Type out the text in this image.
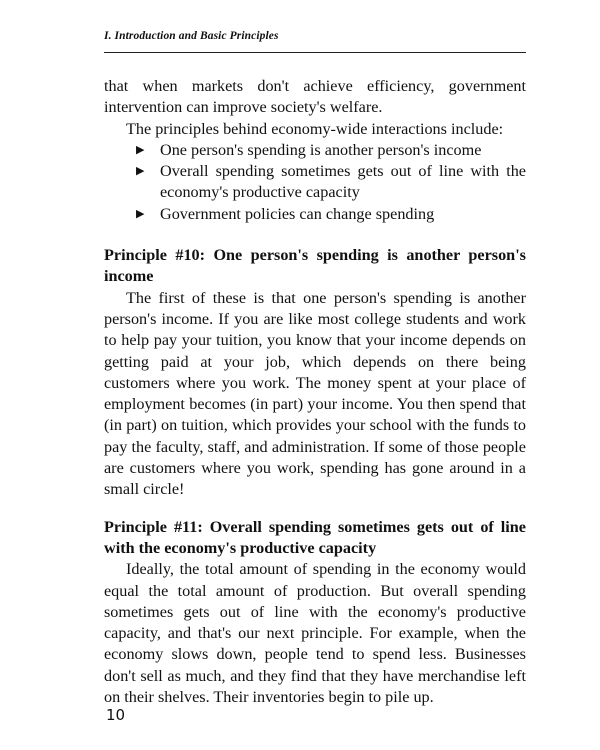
I. Introduction and Basic Principles

that when markets don't achieve efficiency, government intervention can improve society's welfare.

The principles behind economy-wide interactions include:

▶ One person's spending is another person's income
▶ Overall spending sometimes gets out of line with the economy's productive capacity
▶ Government policies can change spending

Principle #10: One person's spending is another person's income

The first of these is that one person's spending is another person's income. If you are like most college students and work to help pay your tuition, you know that your income depends on getting paid at your job, which depends on there being customers where you work. The money spent at your place of employment becomes (in part) your income. You then spend that (in part) on tuition, which provides your school with the funds to pay the faculty, staff, and administration. If some of those people are customers where you work, spending has gone around in a small circle!

Principle #11: Overall spending sometimes gets out of line with the economy's productive capacity

Ideally, the total amount of spending in the economy would equal the total amount of production. But overall spending sometimes gets out of line with the economy's productive capacity, and that's our next principle. For example, when the economy slows down, people tend to spend less. Businesses don't sell as much, and they find that they have merchandise left on their shelves. Their inventories begin to pile up.

10
